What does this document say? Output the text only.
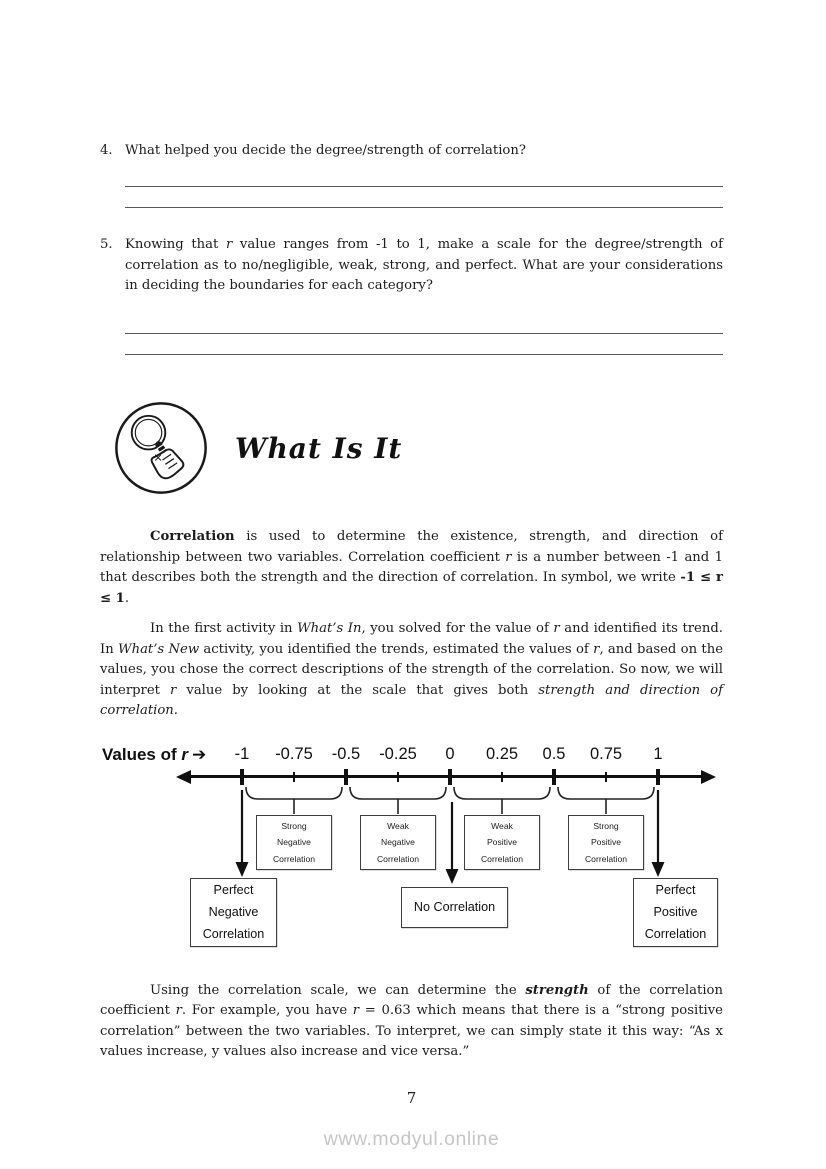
4. What helped you decide the degree/strength of correlation?
5. Knowing that r value ranges from -1 to 1, make a scale for the degree/strength of correlation as to no/negligible, weak, strong, and perfect. What are your considerations in deciding the boundaries for each category?
What Is It

Correlation is used to determine the existence, strength, and direction of relationship between two variables. Correlation coefficient r is a number between -1 and 1 that describes both the strength and the direction of correlation. In symbol, we write -1 ≤ r ≤ 1.

In the first activity in What’s In, you solved for the value of r and identified its trend. In What’s New activity, you identified the trends, estimated the values of r, and based on the values, you chose the correct descriptions of the strength of the correlation. So now, we will interpret r value by looking at the scale that gives both strength and direction of correlation.

Values of r ➔	-1	-0.75	-0.5	-0.25	0	0.25	0.5	0.75	1
Strong
Negative
Correlation
Weak
Negative
Correlation
Weak
Positive
Correlation
Strong
Positive
Correlation
Perfect
Negative
Correlation
No Correlation
Perfect
Positive
Correlation

Using the correlation scale, we can determine the strength of the correlation coefficient r. For example, you have r = 0.63 which means that there is a “strong positive correlation” between the two variables. To interpret, we can simply state it this way: “As x values increase, y values also increase and vice versa.”

7
www.modyul.online
